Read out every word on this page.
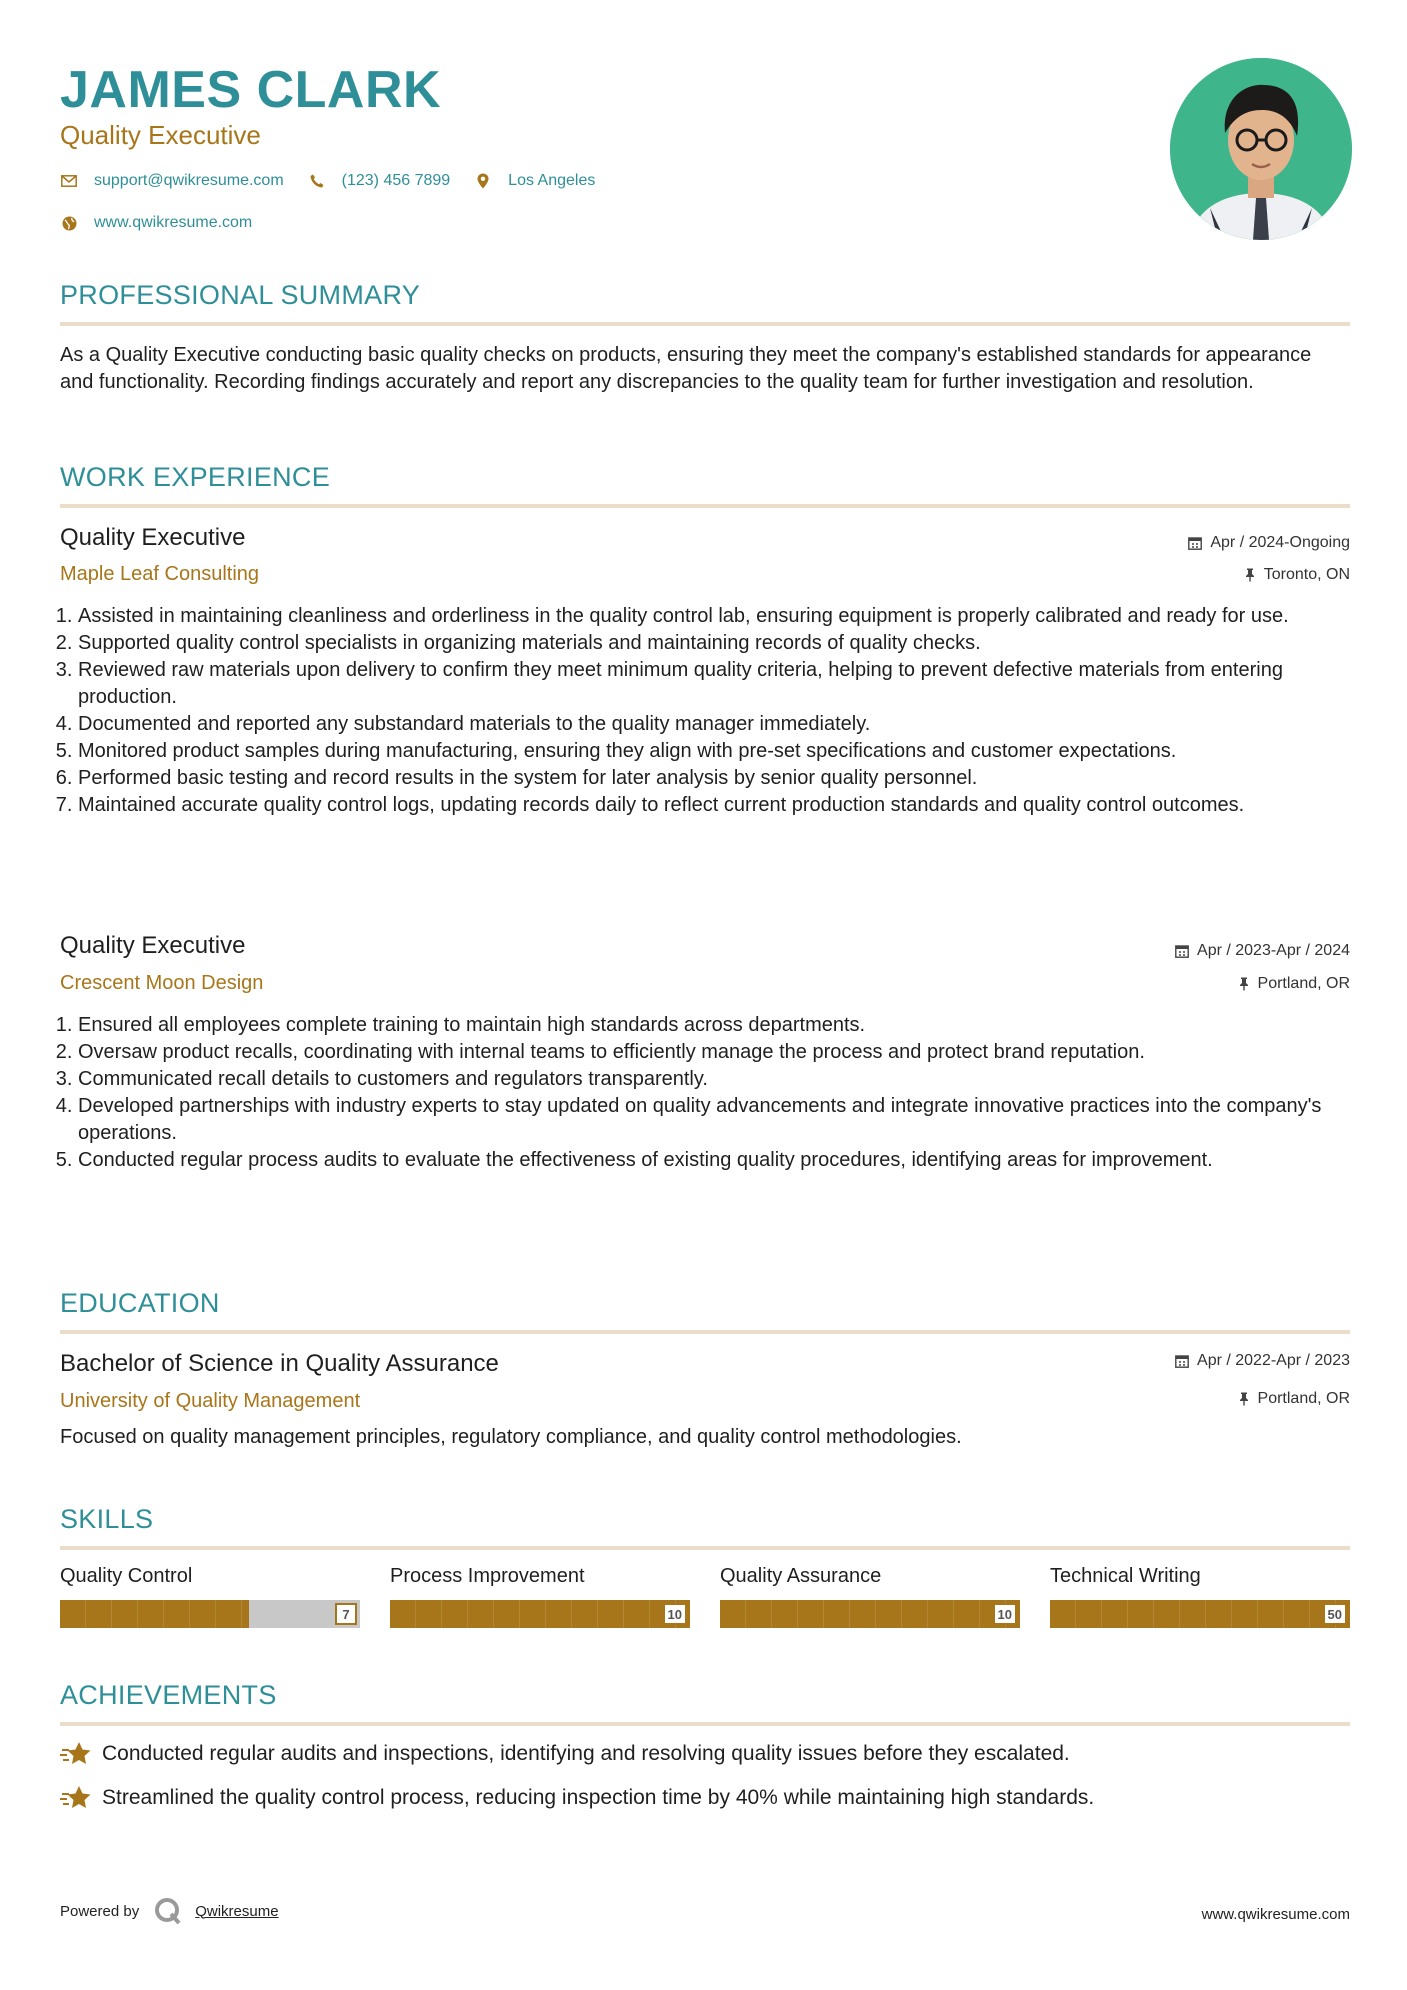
JAMES CLARK
Quality Executive
support@qwikresume.com	(123) 456 7899	Los Angeles
www.qwikresume.com
PROFESSIONAL SUMMARY

As a Quality Executive conducting basic quality checks on products, ensuring they meet the company's established standards for appearance and functionality. Recording findings accurately and report any discrepancies to the quality team for further investigation and resolution.

WORK EXPERIENCE
Quality Executive	Apr / 2024-Ongoing
Maple Leaf Consulting	Toronto, ON
1. Assisted in maintaining cleanliness and orderliness in the quality control lab, ensuring equipment is properly calibrated and ready for use.
2. Supported quality control specialists in organizing materials and maintaining records of quality checks.
3. Reviewed raw materials upon delivery to confirm they meet minimum quality criteria, helping to prevent defective materials from entering production.
4. Documented and reported any substandard materials to the quality manager immediately.
5. Monitored product samples during manufacturing, ensuring they align with pre-set specifications and customer expectations.
6. Performed basic testing and record results in the system for later analysis by senior quality personnel.
7. Maintained accurate quality control logs, updating records daily to reflect current production standards and quality control outcomes.
Quality Executive	Apr / 2023-Apr / 2024
Crescent Moon Design	Portland, OR
1. Ensured all employees complete training to maintain high standards across departments.
2. Oversaw product recalls, coordinating with internal teams to efficiently manage the process and protect brand reputation.
3. Communicated recall details to customers and regulators transparently.
4. Developed partnerships with industry experts to stay updated on quality advancements and integrate innovative practices into the company's operations.
5. Conducted regular process audits to evaluate the effectiveness of existing quality procedures, identifying areas for improvement.
EDUCATION
Bachelor of Science in Quality Assurance	Apr / 2022-Apr / 2023
University of Quality Management	Portland, OR

Focused on quality management principles, regulatory compliance, and quality control methodologies.

SKILLS
Quality Control
7
Process Improvement
10
Quality Assurance
10
Technical Writing
50
ACHIEVEMENTS
Conducted regular audits and inspections, identifying and resolving quality issues before they escalated.
Streamlined the quality control process, reducing inspection time by 40% while maintaining high standards.
Powered by	Qwikresume	www.qwikresume.com
